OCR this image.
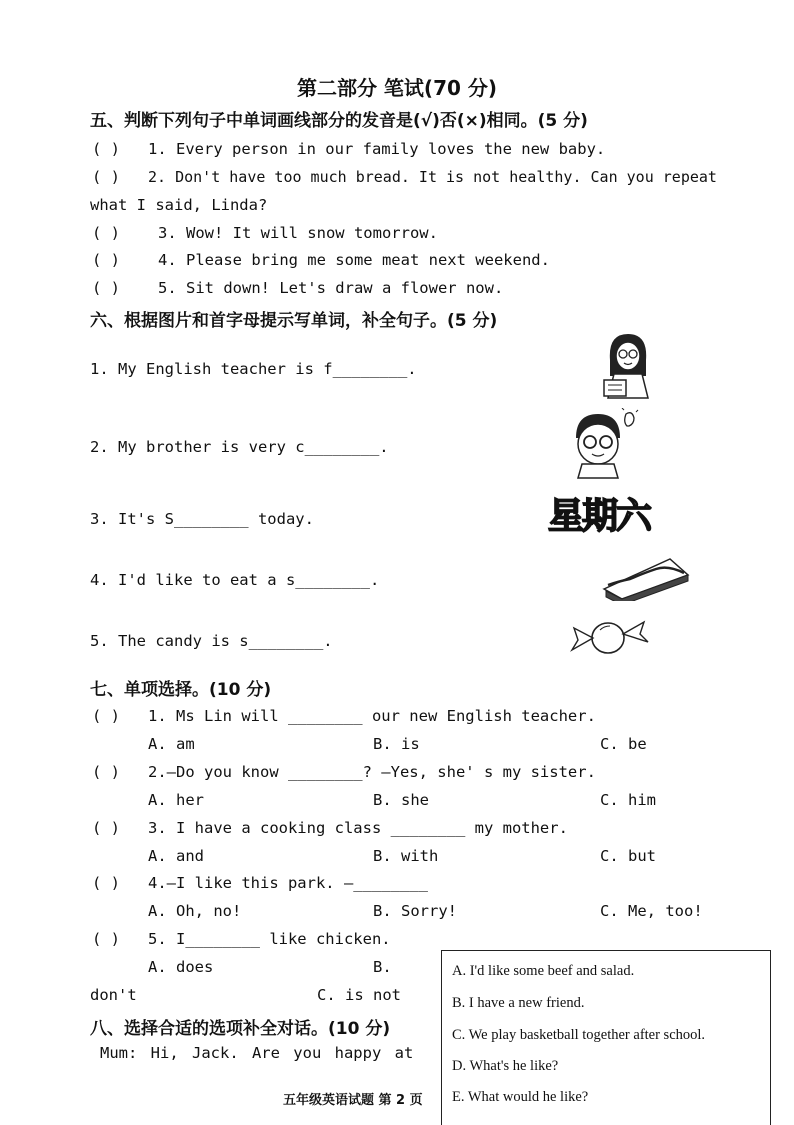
第二部分 笔试(70 分)
五、判断下列句子中单词画线部分的发音是(√)否(×)相同。(5 分)
( ) 1. Every person in our family loves the new baby.
( ) 2. Don't have too much bread. It is not healthy. Can you repeat
what I said, Linda?
( ) 3. Wow! It will snow tomorrow.
( ) 4. Please bring me some meat next weekend.
( ) 5. Sit down! Let's draw a flower now.
六、根据图片和首字母提示写单词，补全句子。(5 分)
1. My English teacher is f________.
2. My brother is very c________.
3. It's S________ today.
4. I'd like to eat a s________.
5. The candy is s________.
星期六
七、单项选择。(10 分)
( ) 1. Ms Lin will ________ our new English teacher.
A. am	B. is	C. be
( ) 2.—Do you know ________? —Yes, she' s my sister.
A. her	B. she	C. him
( ) 3. I have a cooking class ________ my mother.
A. and	B. with	C. but
( ) 4.—I like this park. —________
A. Oh, no!	B. Sorry!	C. Me, too!
( ) 5. I________ like chicken.
A. does	B.
don't	C. is not
八、选择合适的选项补全对话。(10 分)
Mum: Hi, Jack. Are you happy at
A. I'd like some beef and salad.
B. I have a new friend.
C. We play basketball together after school.
D. What's he like?
E. What would he like?
五年级英语试题 第 2 页
